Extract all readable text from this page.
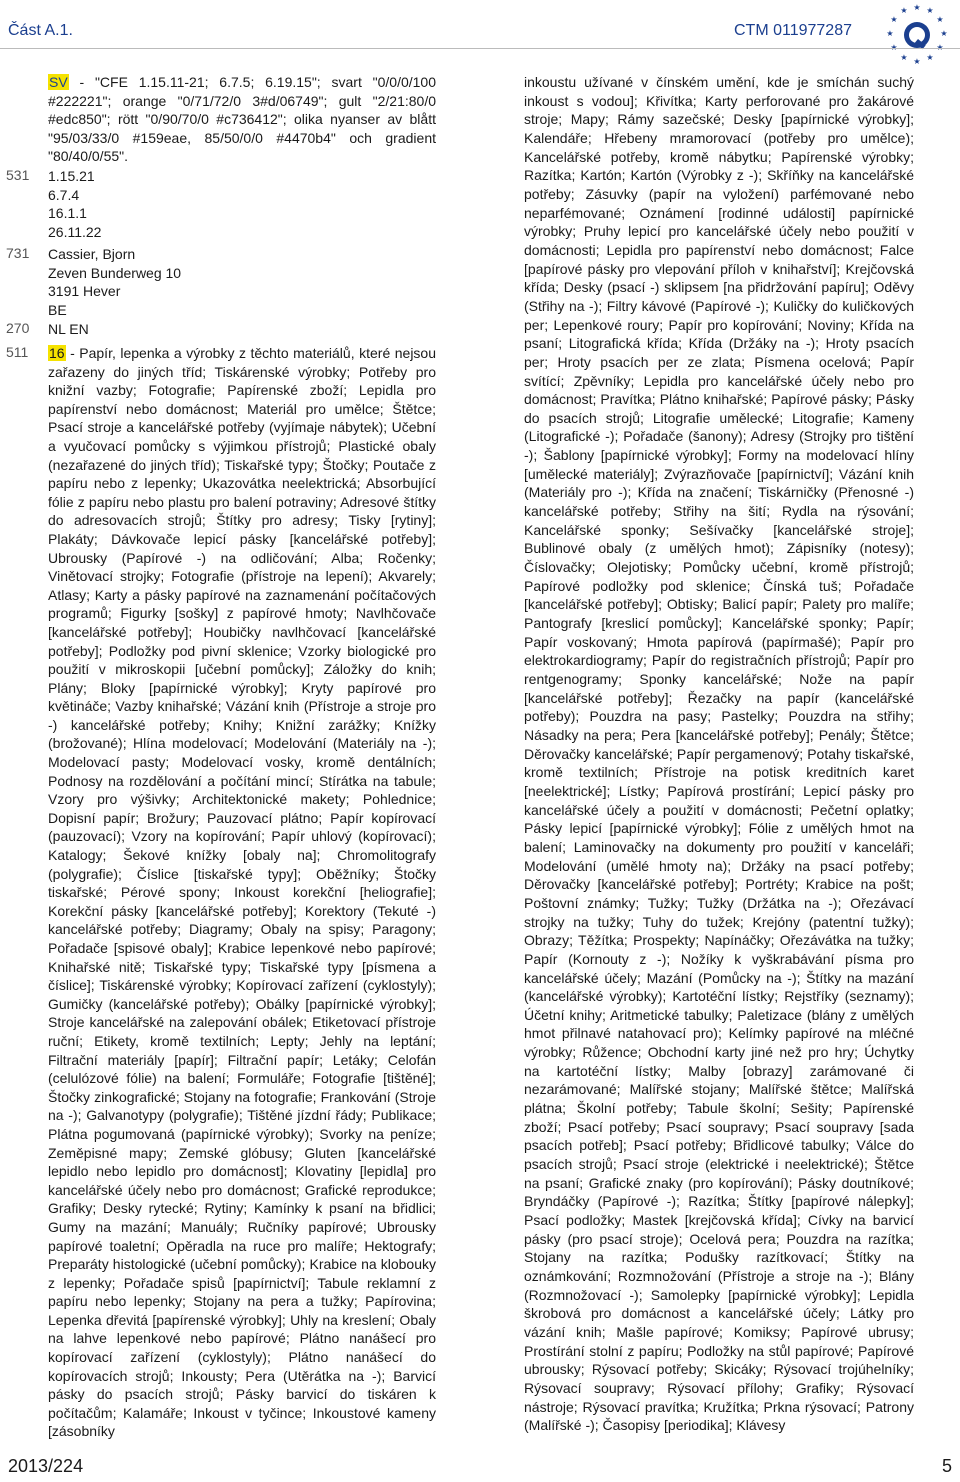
Část A.1.	CTM 011977287
★ ★
★
★
★
★
★
★
★
★
531
731
270
511

SV - "CFE 1.15.11-21; 6.7.5; 6.19.15"; svart "0/0/0/100 #222221"; orange "0/71/72/0 3#d/06749"; gult "2/21:80/0 #edc850"; rött "0/90/70/0 #c736412"; olika nyanser av blått "95/03/33/0 #159eae, 85/50/0/0 #4470b4" och gradient "80/40/0/55".

1.15.21
6.7.4
16.1.1
26.11.22
Cassier, Bjorn
Zeven Bunderweg 10
3191 Hever
BE
NL EN

16 - Papír, lepenka a výrobky z těchto materiálů, které nejsou zařazeny do jiných tříd; Tiskárenské výrobky; Potřeby pro knižní vazby; Fotografie; Papírenské zboží; Lepidla pro papírenství nebo domácnost; Materiál pro umělce; Štětce; Psací stroje a kancelářské potřeby (vyjímaje nábytek); Učební a vyučovací pomůcky s výjimkou přístrojů; Plastické obaly (nezařazené do jiných tříd); Tiskařské typy; Štočky; Poutače z papíru nebo z lepenky; Ukazovátka neelektrická; Absorbující fólie z papíru nebo plastu pro balení potraviny; Adresové štítky do adresovacích strojů; Štítky pro adresy; Tisky [rytiny]; Plakáty; Dávkovače lepicí pásky [kancelářské potřeby]; Ubrousky (Papírové -) na odličování; Alba; Ročenky; Vinětovací strojky; Fotografie (přístroje na lepení); Akvarely; Atlasy; Karty a pásky papírové na zaznamenání počítačových programů; Figurky [sošky] z papírové hmoty; Navlhčovače [kancelářské potřeby]; Houbičky navlhčovací [kancelářské potřeby]; Podložky pod pivní sklenice; Vzorky biologické pro použití v mikroskopii [učební pomůcky]; Záložky do knih; Plány; Bloky [papírnické výrobky]; Kryty papírové pro květináče; Vazby knihařské; Vázání knih (Přístroje a stroje pro -) kancelářské potřeby; Knihy; Knižní zarážky; Knížky (brožované); Hlína modelovací; Modelování (Materiály na -); Modelovací pasty; Modelovací vosky, kromě dentálních; Podnosy na rozdělování a počítání mincí; Stírátka na tabule; Vzory pro výšivky; Architektonické makety; Pohlednice; Dopisní papír; Brožury; Pauzovací plátno; Papír kopírovací (pauzovací); Vzory na kopírování; Papír uhlový (kopírovací); Katalogy; Šekové knížky [obaly na]; Chromolitografy (polygrafie); Číslice [tiskařské typy]; Oběžníky; Štočky tiskařské; Pérové spony; Inkoust korekční [heliografie]; Korekční pásky [kancelářské potřeby]; Korektory (Tekuté -) kancelářské potřeby; Diagramy; Obaly na spisy; Paragony; Pořadače [spisové obaly]; Krabice lepenkové nebo papírové; Knihařské nitě; Tiskařské typy; Tiskařské typy [písmena a číslice]; Tiskárenské výrobky; Kopírovací zařízení (cyklostyly); Gumičky (kancelářské potřeby); Obálky [papírnické výrobky]; Stroje kancelářské na zalepování obálek; Etiketovací přístroje ruční; Etikety, kromě textilních; Lepty; Jehly na leptání; Filtrační materiály [papír]; Filtrační papír; Letáky; Celofán (celulózové fólie) na balení; Formuláře; Fotografie [tištěné]; Štočky zinkografické; Stojany na fotografie; Frankování (Stroje na -); Galvanotypy (polygrafie); Tištěné jízdní řády; Publikace; Plátna pogumovaná (papírnické výrobky); Svorky na peníze; Zeměpisné mapy; Zemské glóbusy; Gluten [kancelářské lepidlo nebo lepidlo pro domácnost]; Klovatiny [lepidla] pro kancelářské účely nebo pro domácnost; Grafické reprodukce; Grafiky; Desky rytecké; Rytiny; Kamínky k psaní na břidlici; Gumy na mazání; Manuály; Ručníky papírové; Ubrousky papírové toaletní; Opěradla na ruce pro malíře; Hektografy; Preparáty histologické (učební pomůcky); Krabice na klobouky z lepenky; Pořadače spisů [papírnictví]; Tabule reklamní z papíru nebo lepenky; Stojany na pera a tužky; Papírovina; Lepenka dřevitá [papírenské výrobky]; Uhly na kreslení; Obaly na lahve lepenkové nebo papírové; Plátno nanášecí pro kopírovací zařízení (cyklostyly); Plátno nanášecí do kopírovacích strojů; Inkousty; Pera (Utěrátka na -); Barvicí pásky do psacích strojů; Pásky barvicí do tiskáren k počítačům; Kalamáře; Inkoust v tyčince; Inkoustové kameny [zásobníky

inkoustu užívané v čínském umění, kde je smíchán suchý inkoust s vodou]; Křivítka; Karty perforované pro žakárové stroje; Mapy; Rámy sazečské; Desky [papírnické výrobky]; Kalendáře; Hřebeny mramorovací (potřeby pro umělce); Kancelářské potřeby, kromě nábytku; Papírenské výrobky; Razítka; Kartón; Kartón (Výrobky z -); Skříňky na kancelářské potřeby; Zásuvky (papír na vyložení) parfémované nebo neparfémované; Oznámení [rodinné události] papírnické výrobky; Pruhy lepicí pro kancelářské účely nebo použití v domácnosti; Lepidla pro papírenství nebo domácnost; Falce [papírové pásky pro vlepování příloh v knihařství]; Krejčovská křída; Desky (psací -) sklipsem [na přidržování papíru]; Oděvy (Střihy na -); Filtry kávové (Papírové -); Kuličky do kuličkových per; Lepenkové roury; Papír pro kopírování; Noviny; Křída na psaní; Litografická křída; Křída (Držáky na -); Hroty psacích per; Hroty psacích per ze zlata; Písmena ocelová; Papír svítící; Zpěvníky; Lepidla pro kancelářské účely nebo pro domácnost; Pravítka; Plátno knihařské; Papírové pásky; Pásky do psacích strojů; Litografie umělecké; Litografie; Kameny (Litografické -); Pořadače (šanony); Adresy (Strojky pro tištění -); Šablony [papírnické výrobky]; Formy na modelovací hlíny [umělecké materiály]; Zvýrazňovače [papírnictví]; Vázání knih (Materiály pro -); Křída na značení; Tiskárničky (Přenosné -) kancelářské potřeby; Střihy na šití; Rydla na rýsování; Kancelářské sponky; Sešívačky [kancelářské stroje]; Bublinové obaly (z umělých hmot); Zápisníky (notesy); Číslovačky; Olejotisky; Pomůcky učební, kromě přístrojů; Papírové podložky pod sklenice; Čínská tuš; Pořadače [kancelářské potřeby]; Obtisky; Balicí papír; Palety pro malíře; Pantografy [kreslicí pomůcky]; Kancelářské sponky; Papír; Papír voskovaný; Hmota papírová (papírmašé); Papír pro elektrokardiogramy; Papír do registračních přístrojů; Papír pro rentgenogramy; Sponky kancelářské; Nože na papír [kancelářské potřeby]; Řezačky na papír (kancelářské potřeby); Pouzdra na pasy; Pastelky; Pouzdra na střihy; Násadky na pera; Pera [kancelářské potřeby]; Penály; Štětce; Děrovačky kancelářské; Papír pergamenový; Potahy tiskařské, kromě textilních; Přístroje na potisk kreditních karet [neelektrické]; Lístky; Papírová prostírání; Lepicí pásky pro kancelářské účely a použití v domácnosti; Pečetní oplatky; Pásky lepicí [papírnické výrobky]; Fólie z umělých hmot na balení; Laminovačky na dokumenty pro použití v kanceláři; Modelování (umělé hmoty na); Držáky na psací potřeby; Děrovačky [kancelářské potřeby]; Portréty; Krabice na pošt; Poštovní známky; Tužky; Tužky (Držátka na -); Ořezávací strojky na tužky; Tuhy do tužek; Krejóny (patentní tužky); Obrazy; Těžítka; Prospekty; Napínáčky; Ořezávátka na tužky; Papír (Kornouty z -); Nožíky k vyškrabávání písma pro kancelářské účely; Mazání (Pomůcky na -); Štítky na mazání (kancelářské výrobky); Kartotéční lístky; Rejstříky (seznamy); Účetní knihy; Aritmetické tabulky; Paletizace (blány z umělých hmot přilnavé natahovací pro); Kelímky papírové na mléčné výrobky; Růžence; Obchodní karty jiné než pro hry; Úchytky na kartotéční lístky; Malby [obrazy] zarámované či nezarámované; Malířské stojany; Malířské štětce; Malířská plátna; Školní potřeby; Tabule školní; Sešity; Papírenské zboží; Psací potřeby; Psací soupravy; Psací soupravy [sada psacích potřeb]; Psací potřeby; Břidlicové tabulky; Válce do psacích strojů; Psací stroje (elektrické i neelektrické); Štětce na psaní; Grafické znaky (pro kopírování); Pásky doutníkové; Bryndáčky (Papírové -); Razítka; Štítky [papírové nálepky]; Psací podložky; Mastek [krejčovská křída]; Cívky na barvicí pásky (pro psací stroje); Ocelová pera; Pouzdra na razítka; Stojany na razítka; Podušky razítkovací; Štítky na oznámkování; Rozmnožování (Přístroje a stroje na -); Blány (Rozmnožovací -); Samolepky [papírnické výrobky]; Lepidla škrobová pro domácnost a kancelářské účely; Látky pro vázání knih; Mašle papírové; Komiksy; Papírové ubrusy; Prostírání stolní z papíru; Podložky na stůl papírové; Papírové ubrousky; Rýsovací potřeby; Skicáky; Rýsovací trojúhelníky; Rýsovací soupravy; Rýsovací přílohy; Grafiky; Rýsovací nástroje; Rýsovací pravítka; Kružítka; Prkna rýsovací; Patrony (Malířské -); Časopisy [periodika]; Klávesy
2013/224	5
